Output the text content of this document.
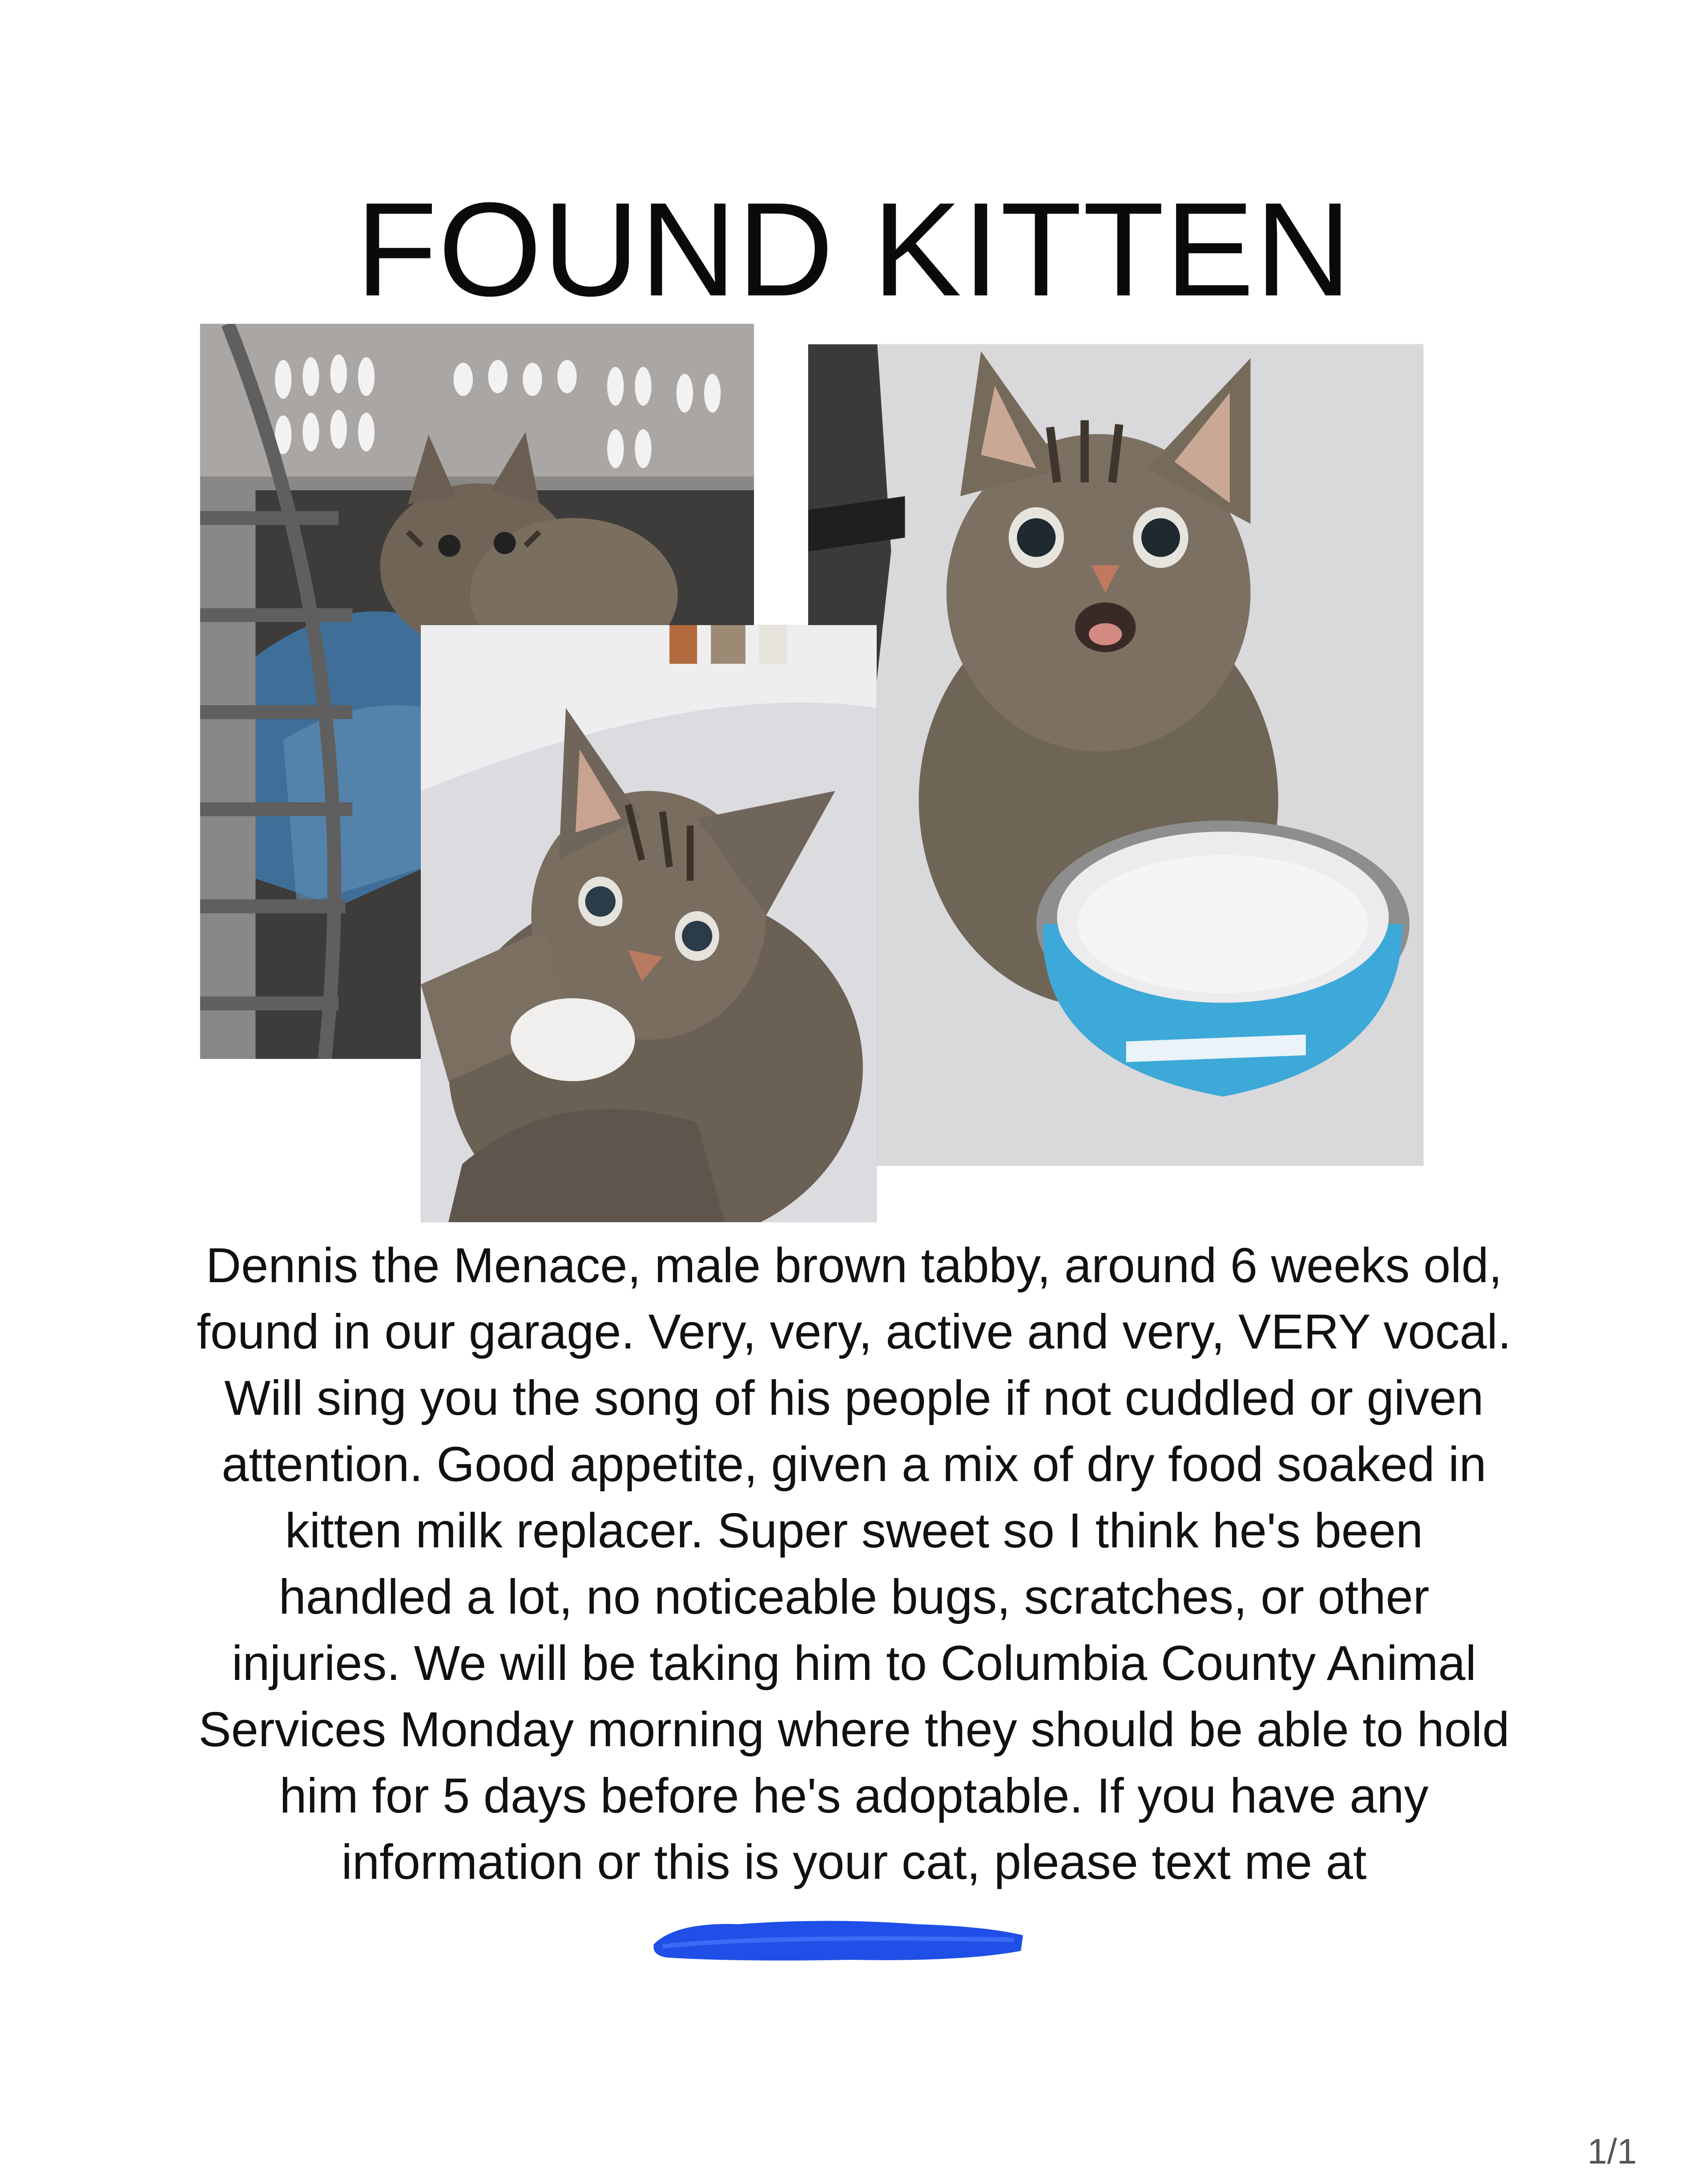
FOUND KITTEN

Dennis the Menace, male brown tabby, around 6 weeks old, found in our garage. Very, very, active and very, VERY vocal. Will sing you the song of his people if not cuddled or given attention. Good appetite, given a mix of dry food soaked in kitten milk replacer. Super sweet so I think he's been handled a lot, no noticeable bugs, scratches, or other injuries. We will be taking him to Columbia County Animal Services Monday morning where they should be able to hold him for 5 days before he's adoptable. If you have any information or this is your cat, please text me at

1/1
